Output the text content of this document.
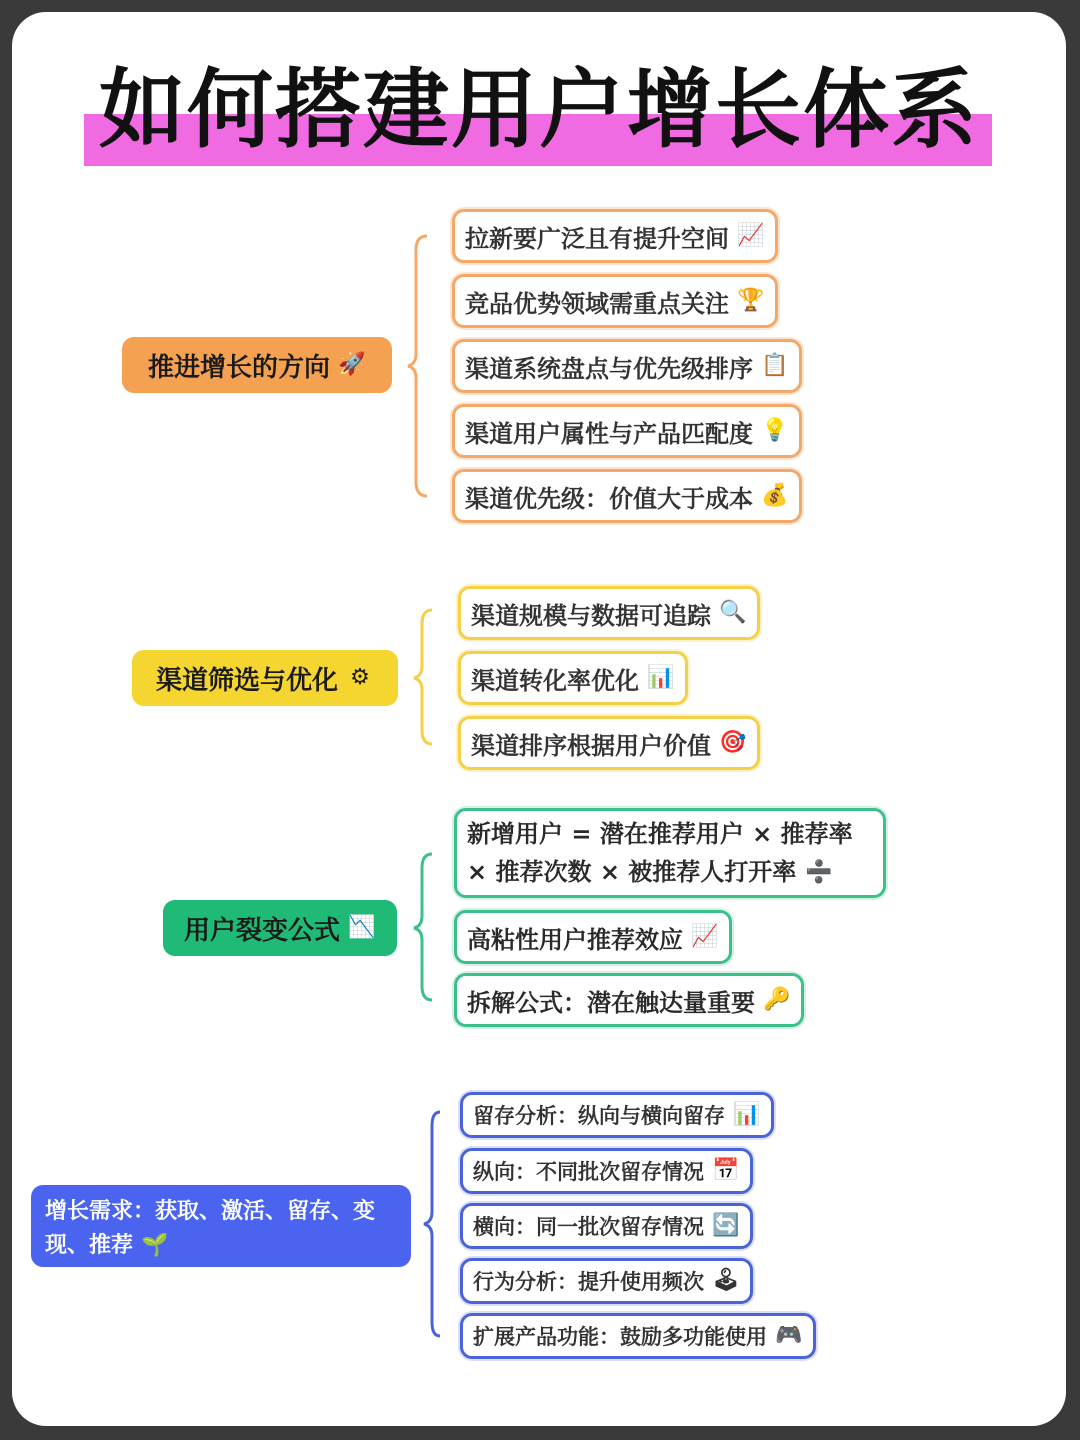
如何搭建用户增长体系
推进增长的方向 🚀
拉新要广泛且有提升空间 📈
竞品优势领域需重点关注 🏆
渠道系统盘点与优先级排序 📋
渠道用户属性与产品匹配度 💡
渠道优先级：价值大于成本 💰
渠道筛选与优化 ⚙
渠道规模与数据可追踪 🔍
渠道转化率优化 📊
渠道排序根据用户价值 🎯
用户裂变公式 📉
新增用户 = 潜在推荐用户 × 推荐率 × 推荐次数 × 被推荐人打开率 ➗
高粘性用户推荐效应 📈
拆解公式：潜在触达量重要 🔑
增长需求：获取、激活、留存、变现、推荐 🌱
留存分析：纵向与横向留存 📊
纵向：不同批次留存情况 📅
横向：同一批次留存情况 🔄
行为分析：提升使用频次 🕹
扩展产品功能：鼓励多功能使用 🎮
